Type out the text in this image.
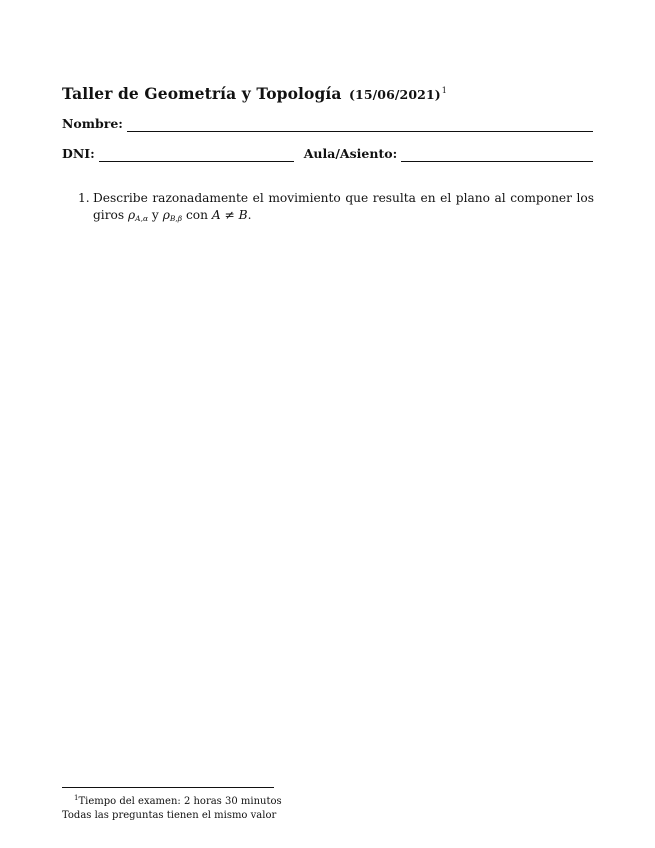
Taller de Geometría y Topología $(15/06/2021)^1$
Nombre:
DNI:	Aula/Asiento:
1. Describe razonadamente el movimiento que resulta en el plano al componer los giros $\rho_{A,\alpha}$ y $\rho_{B,\beta}$ con A ≠ B.
$^1$Tiempo del examen: 2 horas 30 minutos
Todas las preguntas tienen el mismo valor
